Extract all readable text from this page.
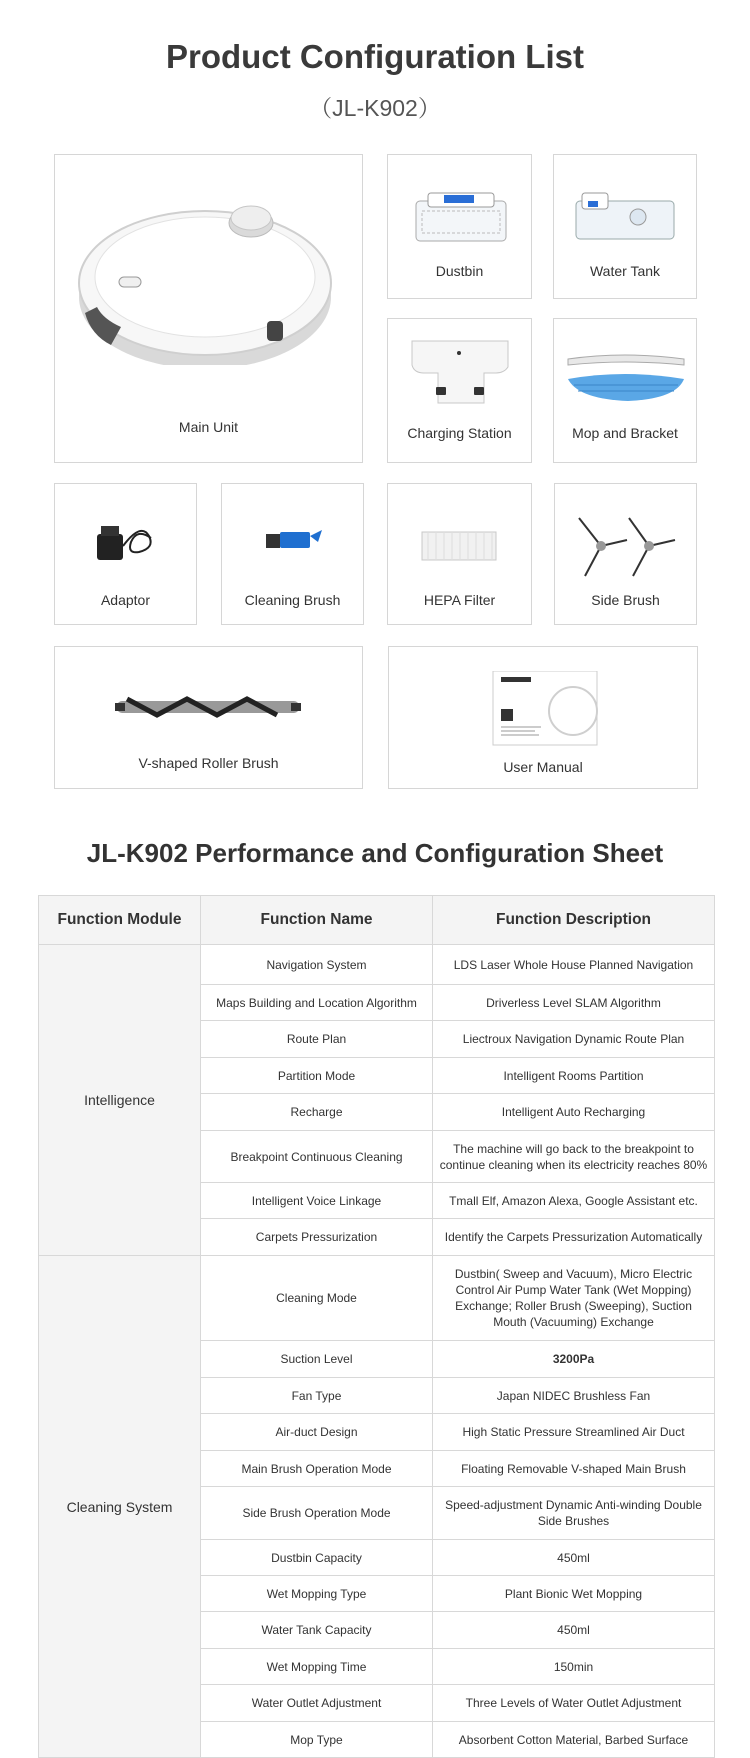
Product Configuration List
（JL-K902）
Main Unit
Dustbin	Water Tank
Charging Station	Mop and Bracket
Adaptor	Cleaning Brush	HEPA Filter	Side Brush
V-shaped Roller Brush	User Manual
JL-K902 Performance and Configuration Sheet
Function Module	Function Name	Function Description
Intelligence	Navigation System	LDS Laser Whole House Planned Navigation
	Maps Building and Location Algorithm	Driverless Level SLAM Algorithm
	Route Plan	Liectroux Navigation Dynamic Route Plan
	Partition Mode	Intelligent Rooms Partition
	Recharge	Intelligent Auto Recharging
	Breakpoint Continuous Cleaning	The machine will go back to the breakpoint to continue cleaning when its electricity reaches 80%
	Intelligent Voice Linkage	Tmall Elf, Amazon Alexa, Google Assistant etc.
	Carpets Pressurization	Identify the Carpets Pressurization Automatically
Cleaning System	Cleaning Mode	Dustbin( Sweep and Vacuum), Micro Electric Control Air Pump Water Tank (Wet Mopping) Exchange; Roller Brush (Sweeping), Suction Mouth (Vacuuming) Exchange
	Suction Level	3200Pa
	Fan Type	Japan NIDEC Brushless Fan
	Air-duct Design	High Static Pressure Streamlined Air Duct
	Main Brush Operation Mode	Floating Removable V-shaped Main Brush
	Side Brush Operation Mode	Speed-adjustment Dynamic Anti-winding Double Side Brushes
	Dustbin Capacity	450ml
	Wet Mopping Type	Plant Bionic Wet Mopping
	Water Tank Capacity	450ml
	Wet Mopping Time	150min
	Water Outlet Adjustment	Three Levels of Water Outlet Adjustment
	Mop Type	Absorbent Cotton Material, Barbed Surface
